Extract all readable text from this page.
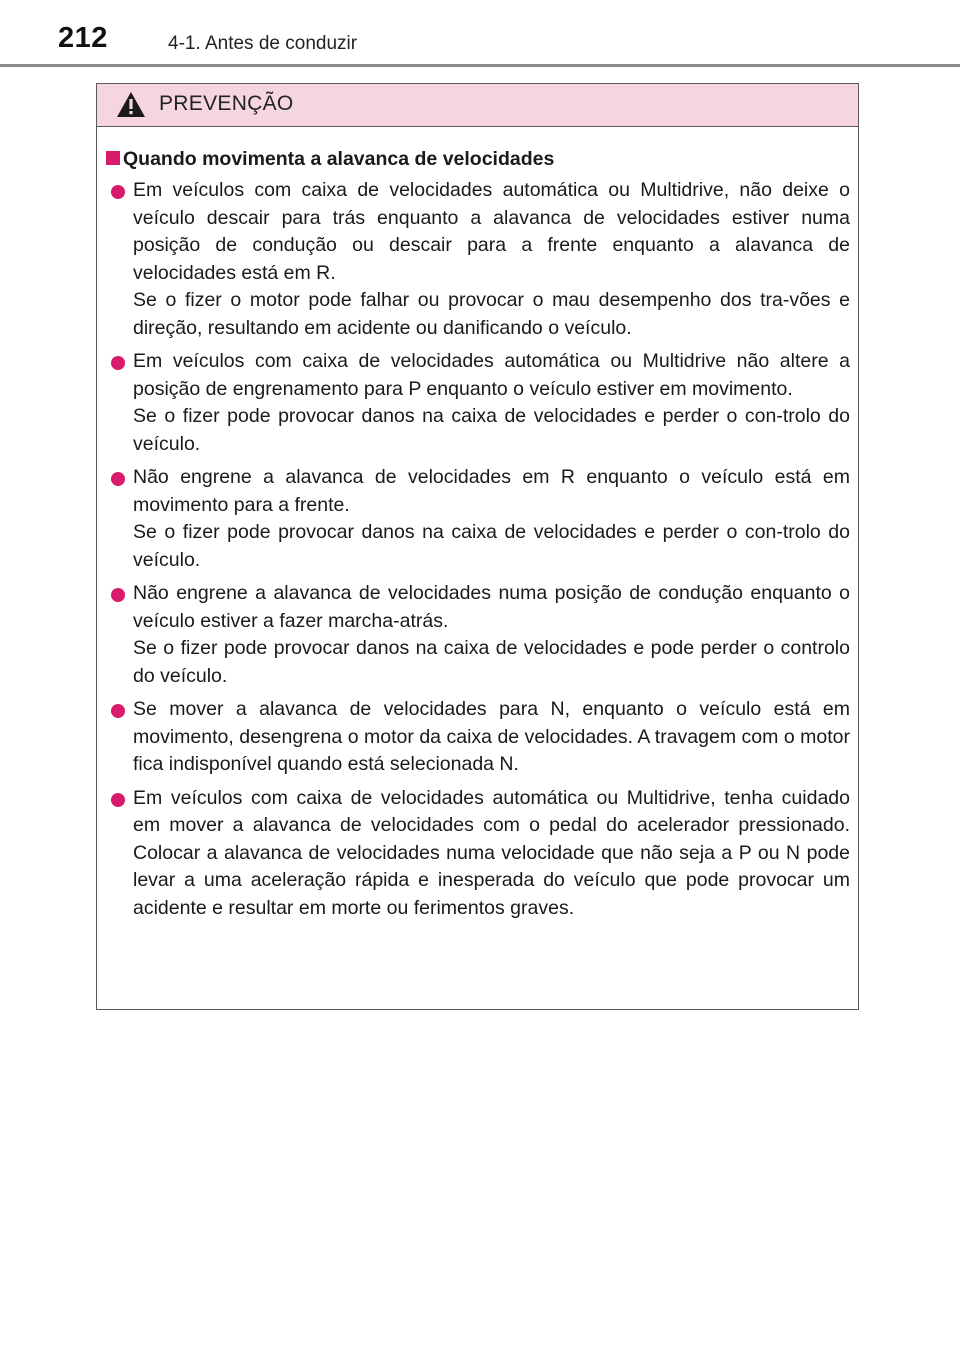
212	4-1. Antes de conduzir
PREVENÇÃO
Quando movimenta a alavanca de velocidades

Em veículos com caixa de velocidades automática ou Multidrive, não deixe o veículo descair para trás enquanto a alavanca de velocidades estiver numa posição de condução ou descair para a frente enquanto a alavanca de velocidades está em R.

Se o fizer o motor pode falhar ou provocar o mau desempenho dos tra-vões e direção, resultando em acidente ou danificando o veículo.

Em veículos com caixa de velocidades automática ou Multidrive não altere a posição de engrenamento para P enquanto o veículo estiver em movimento.

Se o fizer pode provocar danos na caixa de velocidades e perder o con-trolo do veículo.

Não engrene a alavanca de velocidades em R enquanto o veículo está em movimento para a frente.

Se o fizer pode provocar danos na caixa de velocidades e perder o con-trolo do veículo.

Não engrene a alavanca de velocidades numa posição de condução enquanto o veículo estiver a fazer marcha-atrás.

Se o fizer pode provocar danos na caixa de velocidades e pode perder o controlo do veículo.

Se mover a alavanca de velocidades para N, enquanto o veículo está em movimento, desengrena o motor da caixa de velocidades. A travagem com o motor fica indisponível quando está selecionada N.

Em veículos com caixa de velocidades automática ou Multidrive, tenha cuidado em mover a alavanca de velocidades com o pedal do acelerador pressionado. Colocar a alavanca de velocidades numa velocidade que não seja a P ou N pode levar a uma aceleração rápida e inesperada do veículo que pode provocar um acidente e resultar em morte ou ferimentos graves.
